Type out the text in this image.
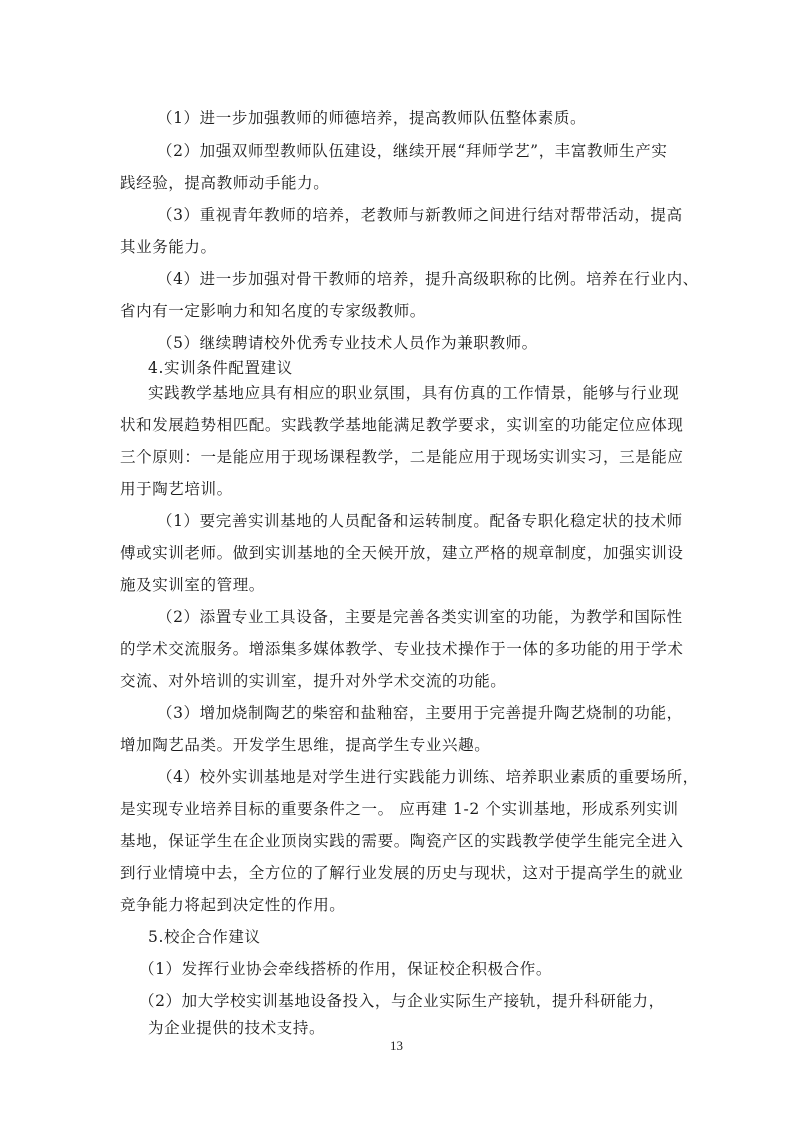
（1）进一步加强教师的师德培养，提高教师队伍整体素质。
（2）加强双师型教师队伍建设，继续开展“拜师学艺”，丰富教师生产实
践经验，提高教师动手能力。
（3）重视青年教师的培养，老教师与新教师之间进行结对帮带活动，提高
其业务能力。
（4）进一步加强对骨干教师的培养，提升高级职称的比例。培养在行业内、
省内有一定影响力和知名度的专家级教师。
（5）继续聘请校外优秀专业技术人员作为兼职教师。
4.实训条件配置建议
实践教学基地应具有相应的职业氛围，具有仿真的工作情景，能够与行业现
状和发展趋势相匹配。实践教学基地能满足教学要求，实训室的功能定位应体现
三个原则：一是能应用于现场课程教学，二是能应用于现场实训实习，三是能应
用于陶艺培训。
（1）要完善实训基地的人员配备和运转制度。配备专职化稳定状的技术师
傅或实训老师。做到实训基地的全天候开放，建立严格的规章制度，加强实训设
施及实训室的管理。
（2）添置专业工具设备，主要是完善各类实训室的功能，为教学和国际性
的学术交流服务。增添集多媒体教学、专业技术操作于一体的多功能的用于学术
交流、对外培训的实训室，提升对外学术交流的功能。
（3）增加烧制陶艺的柴窑和盐釉窑，主要用于完善提升陶艺烧制的功能，
增加陶艺品类。开发学生思维，提高学生专业兴趣。
（4）校外实训基地是对学生进行实践能力训练、培养职业素质的重要场所，
是实现专业培养目标的重要条件之一。 应再建 1-2 个实训基地，形成系列实训
基地，保证学生在企业顶岗实践的需要。陶瓷产区的实践教学使学生能完全进入
到行业情境中去，全方位的了解行业发展的历史与现状，这对于提高学生的就业
竞争能力将起到决定性的作用。
5.校企合作建议
（1）发挥行业协会牵线搭桥的作用，保证校企积极合作。
（2）加大学校实训基地设备投入，与企业实际生产接轨，提升科研能力，
为企业提供的技术支持。
13
